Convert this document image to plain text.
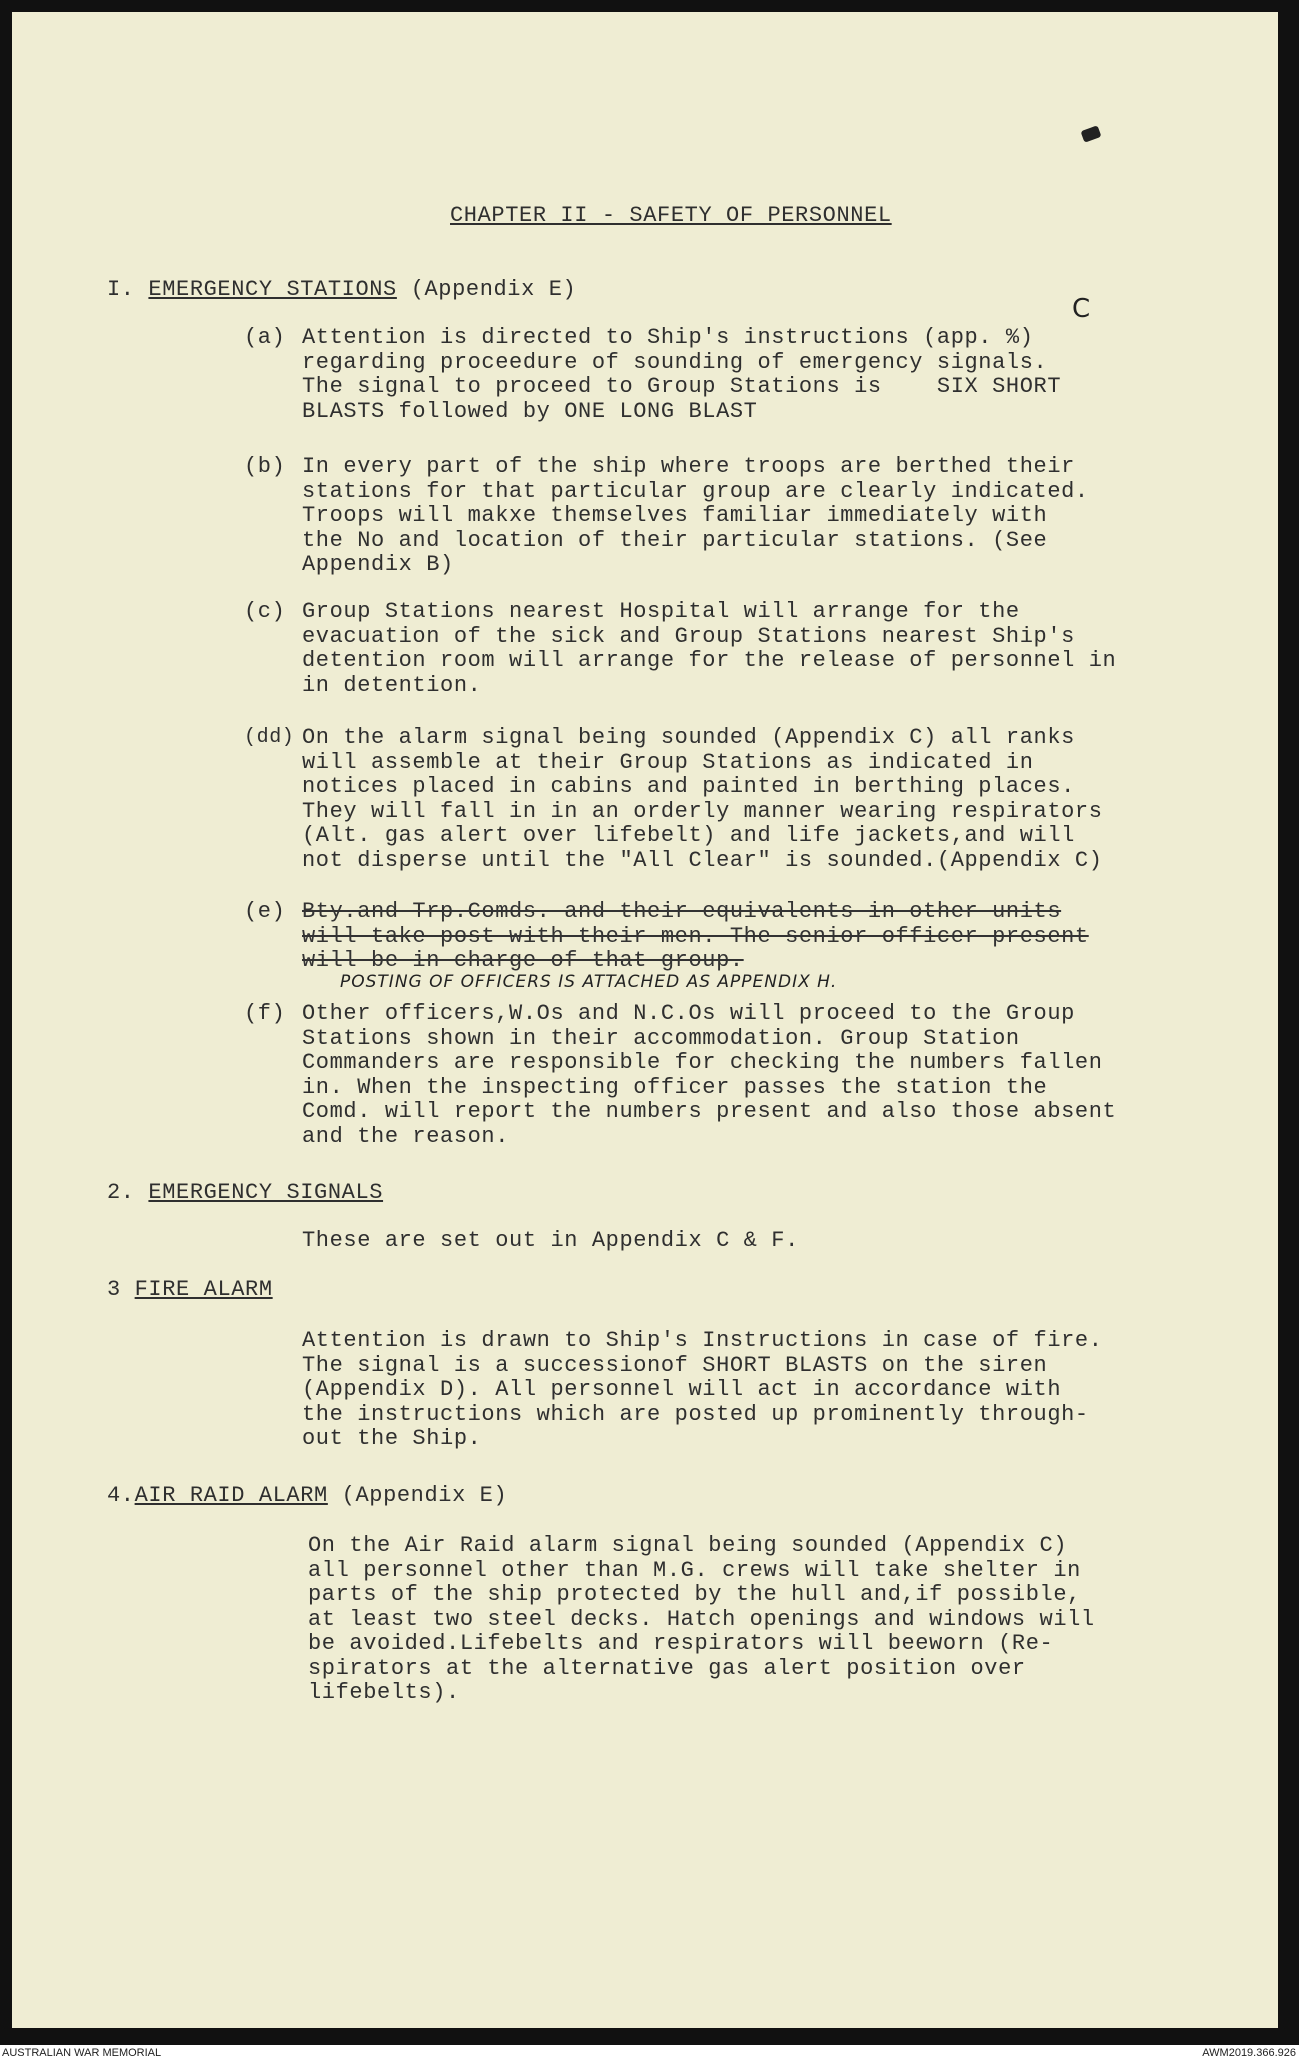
CHAPTER II - SAFETY OF PERSONNEL
I. EMERGENCY STATIONS (Appendix E)
C
(a) Attention is directed to Ship's instructions (app. %)
regarding proceedure of sounding of emergency signals.
The signal to proceed to Group Stations is    SIX SHORT
BLASTS followed by ONE LONG BLAST
(b) In every part of the ship where troops are berthed their
stations for that particular group are clearly indicated.
Troops will makxe themselves familiar immediately with
the No and location of their particular stations. (See
Appendix B)
(c) Group Stations nearest Hospital will arrange for the
evacuation of the sick and Group Stations nearest Ship's
detention room will arrange for the release of personnel in
in detention.
(dd) On the alarm signal being sounded (Appendix C) all ranks
will assemble at their Group Stations as indicated in
notices placed in cabins and painted in berthing places.
They will fall in in an orderly manner wearing respirators
(Alt. gas alert over lifebelt) and life jackets,and will
not disperse until the "All Clear" is sounded.(Appendix C)
(e) Bty.and Trp.Comds. and their equivalents in other units
will take post with their men. The senior officer present
will be in charge of that group.
POSTING OF OFFICERS IS ATTACHED AS APPENDIX H.
(f) Other officers,W.Os and N.C.Os will proceed to the Group
Stations shown in their accommodation. Group Station
Commanders are responsible for checking the numbers fallen
in. When the inspecting officer passes the station the
Comd. will report the numbers present and also those absent
and the reason.
2. EMERGENCY SIGNALS
These are set out in Appendix C & F.
3 FIRE ALARM
Attention is drawn to Ship's Instructions in case of fire.
The signal is a successionof SHORT BLASTS on the siren
(Appendix D). All personnel will act in accordance with
the instructions which are posted up prominently through-
out the Ship.
4.AIR RAID ALARM (Appendix E)
On the Air Raid alarm signal being sounded (Appendix C)
all personnel other than M.G. crews will take shelter in
parts of the ship protected by the hull and,if possible,
at least two steel decks. Hatch openings and windows will
be avoided.Lifebelts and respirators will beeworn (Re-
spirators at the alternative gas alert position over
lifebelts).
AUSTRALIAN WAR MEMORIAL	AWM2019.366.926
